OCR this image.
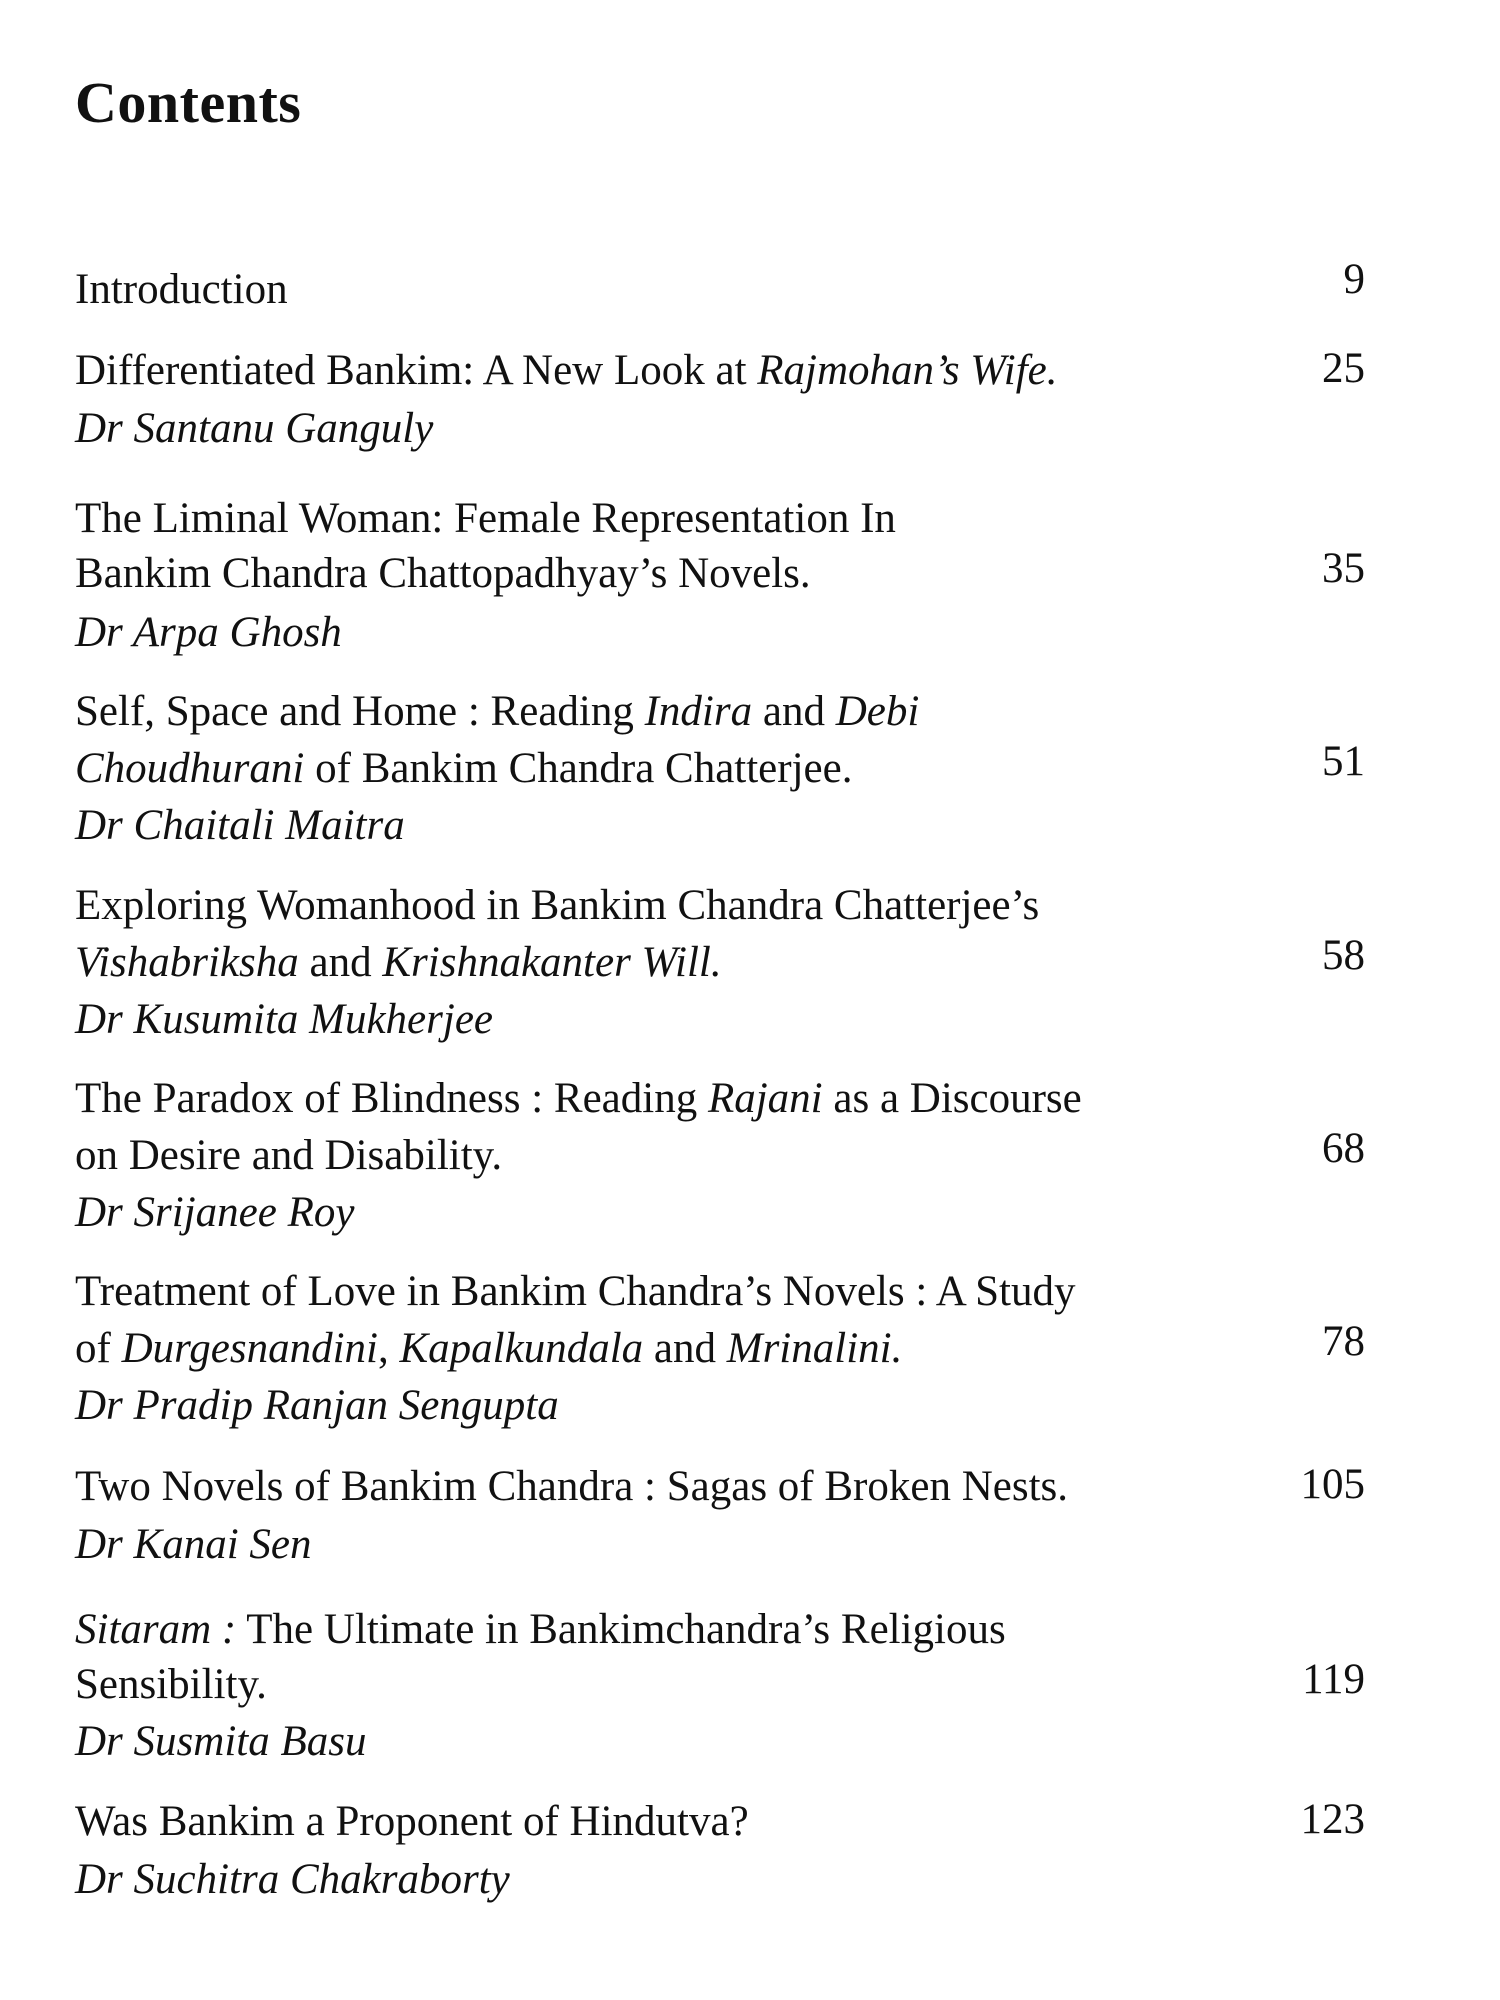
Contents
Introduction	9
Differentiated Bankim: A New Look at Rajmohan’s Wife.
Dr Santanu Ganguly
25
The Liminal Woman: Female Representation In
Bankim Chandra Chattopadhyay’s Novels.
Dr Arpa Ghosh
35
Self, Space and Home : Reading Indira and Debi
Choudhurani of Bankim Chandra Chatterjee.
Dr Chaitali Maitra
51
Exploring Womanhood in Bankim Chandra Chatterjee’s
Vishabriksha and Krishnakanter Will.
Dr Kusumita Mukherjee
58
The Paradox of Blindness : Reading Rajani as a Discourse
on Desire and Disability.
Dr Srijanee Roy
68
Treatment of Love in Bankim Chandra’s Novels : A Study
of Durgesnandini, Kapalkundala and Mrinalini.
Dr Pradip Ranjan Sengupta
78
Two Novels of Bankim Chandra : Sagas of Broken Nests.
Dr Kanai Sen
105
Sitaram : The Ultimate in Bankimchandra’s Religious
Sensibility.
Dr Susmita Basu
119
Was Bankim a Proponent of Hindutva?
Dr Suchitra Chakraborty
123
